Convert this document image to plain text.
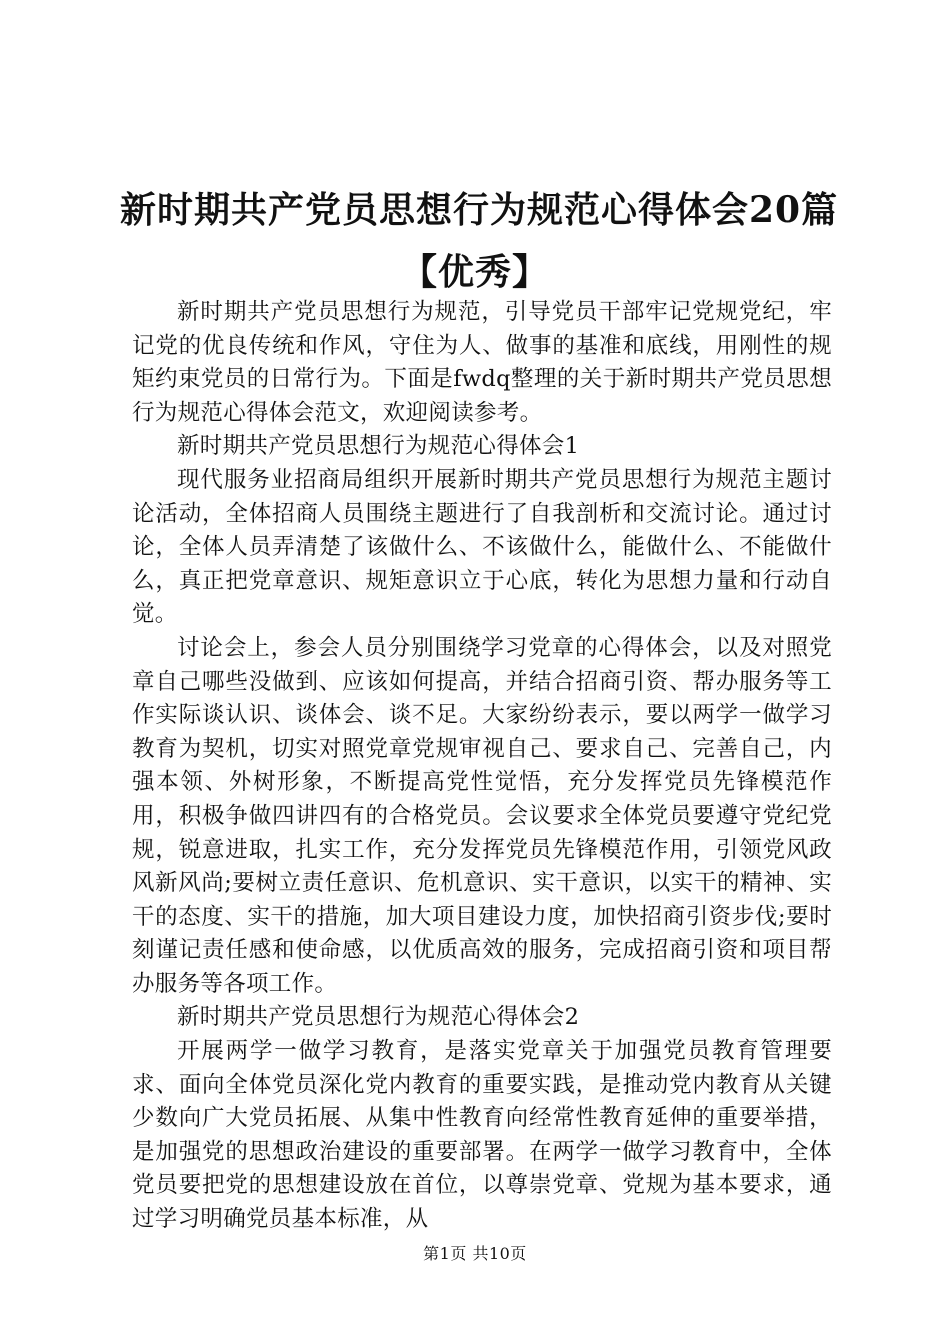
新时期共产党员思想行为规范心得体会20篇
【优秀】

新时期共产党员思想行为规范，引导党员干部牢记党规党纪，牢记党的优良传统和作风，守住为人、做事的基准和底线，用刚性的规矩约束党员的日常行为。下面是fwdq整理的关于新时期共产党员思想行为规范心得体会范文，欢迎阅读参考。

新时期共产党员思想行为规范心得体会1

现代服务业招商局组织开展新时期共产党员思想行为规范主题讨论活动，全体招商人员围绕主题进行了自我剖析和交流讨论。通过讨论，全体人员弄清楚了该做什么、不该做什么，能做什么、不能做什么，真正把党章意识、规矩意识立于心底，转化为思想力量和行动自觉。

讨论会上，参会人员分别围绕学习党章的心得体会，以及对照党章自己哪些没做到、应该如何提高，并结合招商引资、帮办服务等工作实际谈认识、谈体会、谈不足。大家纷纷表示，要以两学一做学习教育为契机，切实对照党章党规审视自己、要求自己、完善自己，内强本领、外树形象，不断提高党性觉悟，充分发挥党员先锋模范作用，积极争做四讲四有的合格党员。会议要求全体党员要遵守党纪党规，锐意进取，扎实工作，充分发挥党员先锋模范作用，引领党风政风新风尚;要树立责任意识、危机意识、实干意识，以实干的精神、实干的态度、实干的措施，加大项目建设力度，加快招商引资步伐;要时刻谨记责任感和使命感，以优质高效的服务，完成招商引资和项目帮办服务等各项工作。

新时期共产党员思想行为规范心得体会2

开展两学一做学习教育，是落实党章关于加强党员教育管理要求、面向全体党员深化党内教育的重要实践，是推动党内教育从关键少数向广大党员拓展、从集中性教育向经常性教育延伸的重要举措，是加强党的思想政治建设的重要部署。在两学一做学习教育中，全体党员要把党的思想建设放在首位，以尊崇党章、党规为基本要求，通过学习明确党员基本标准，从

第1页 共10页
